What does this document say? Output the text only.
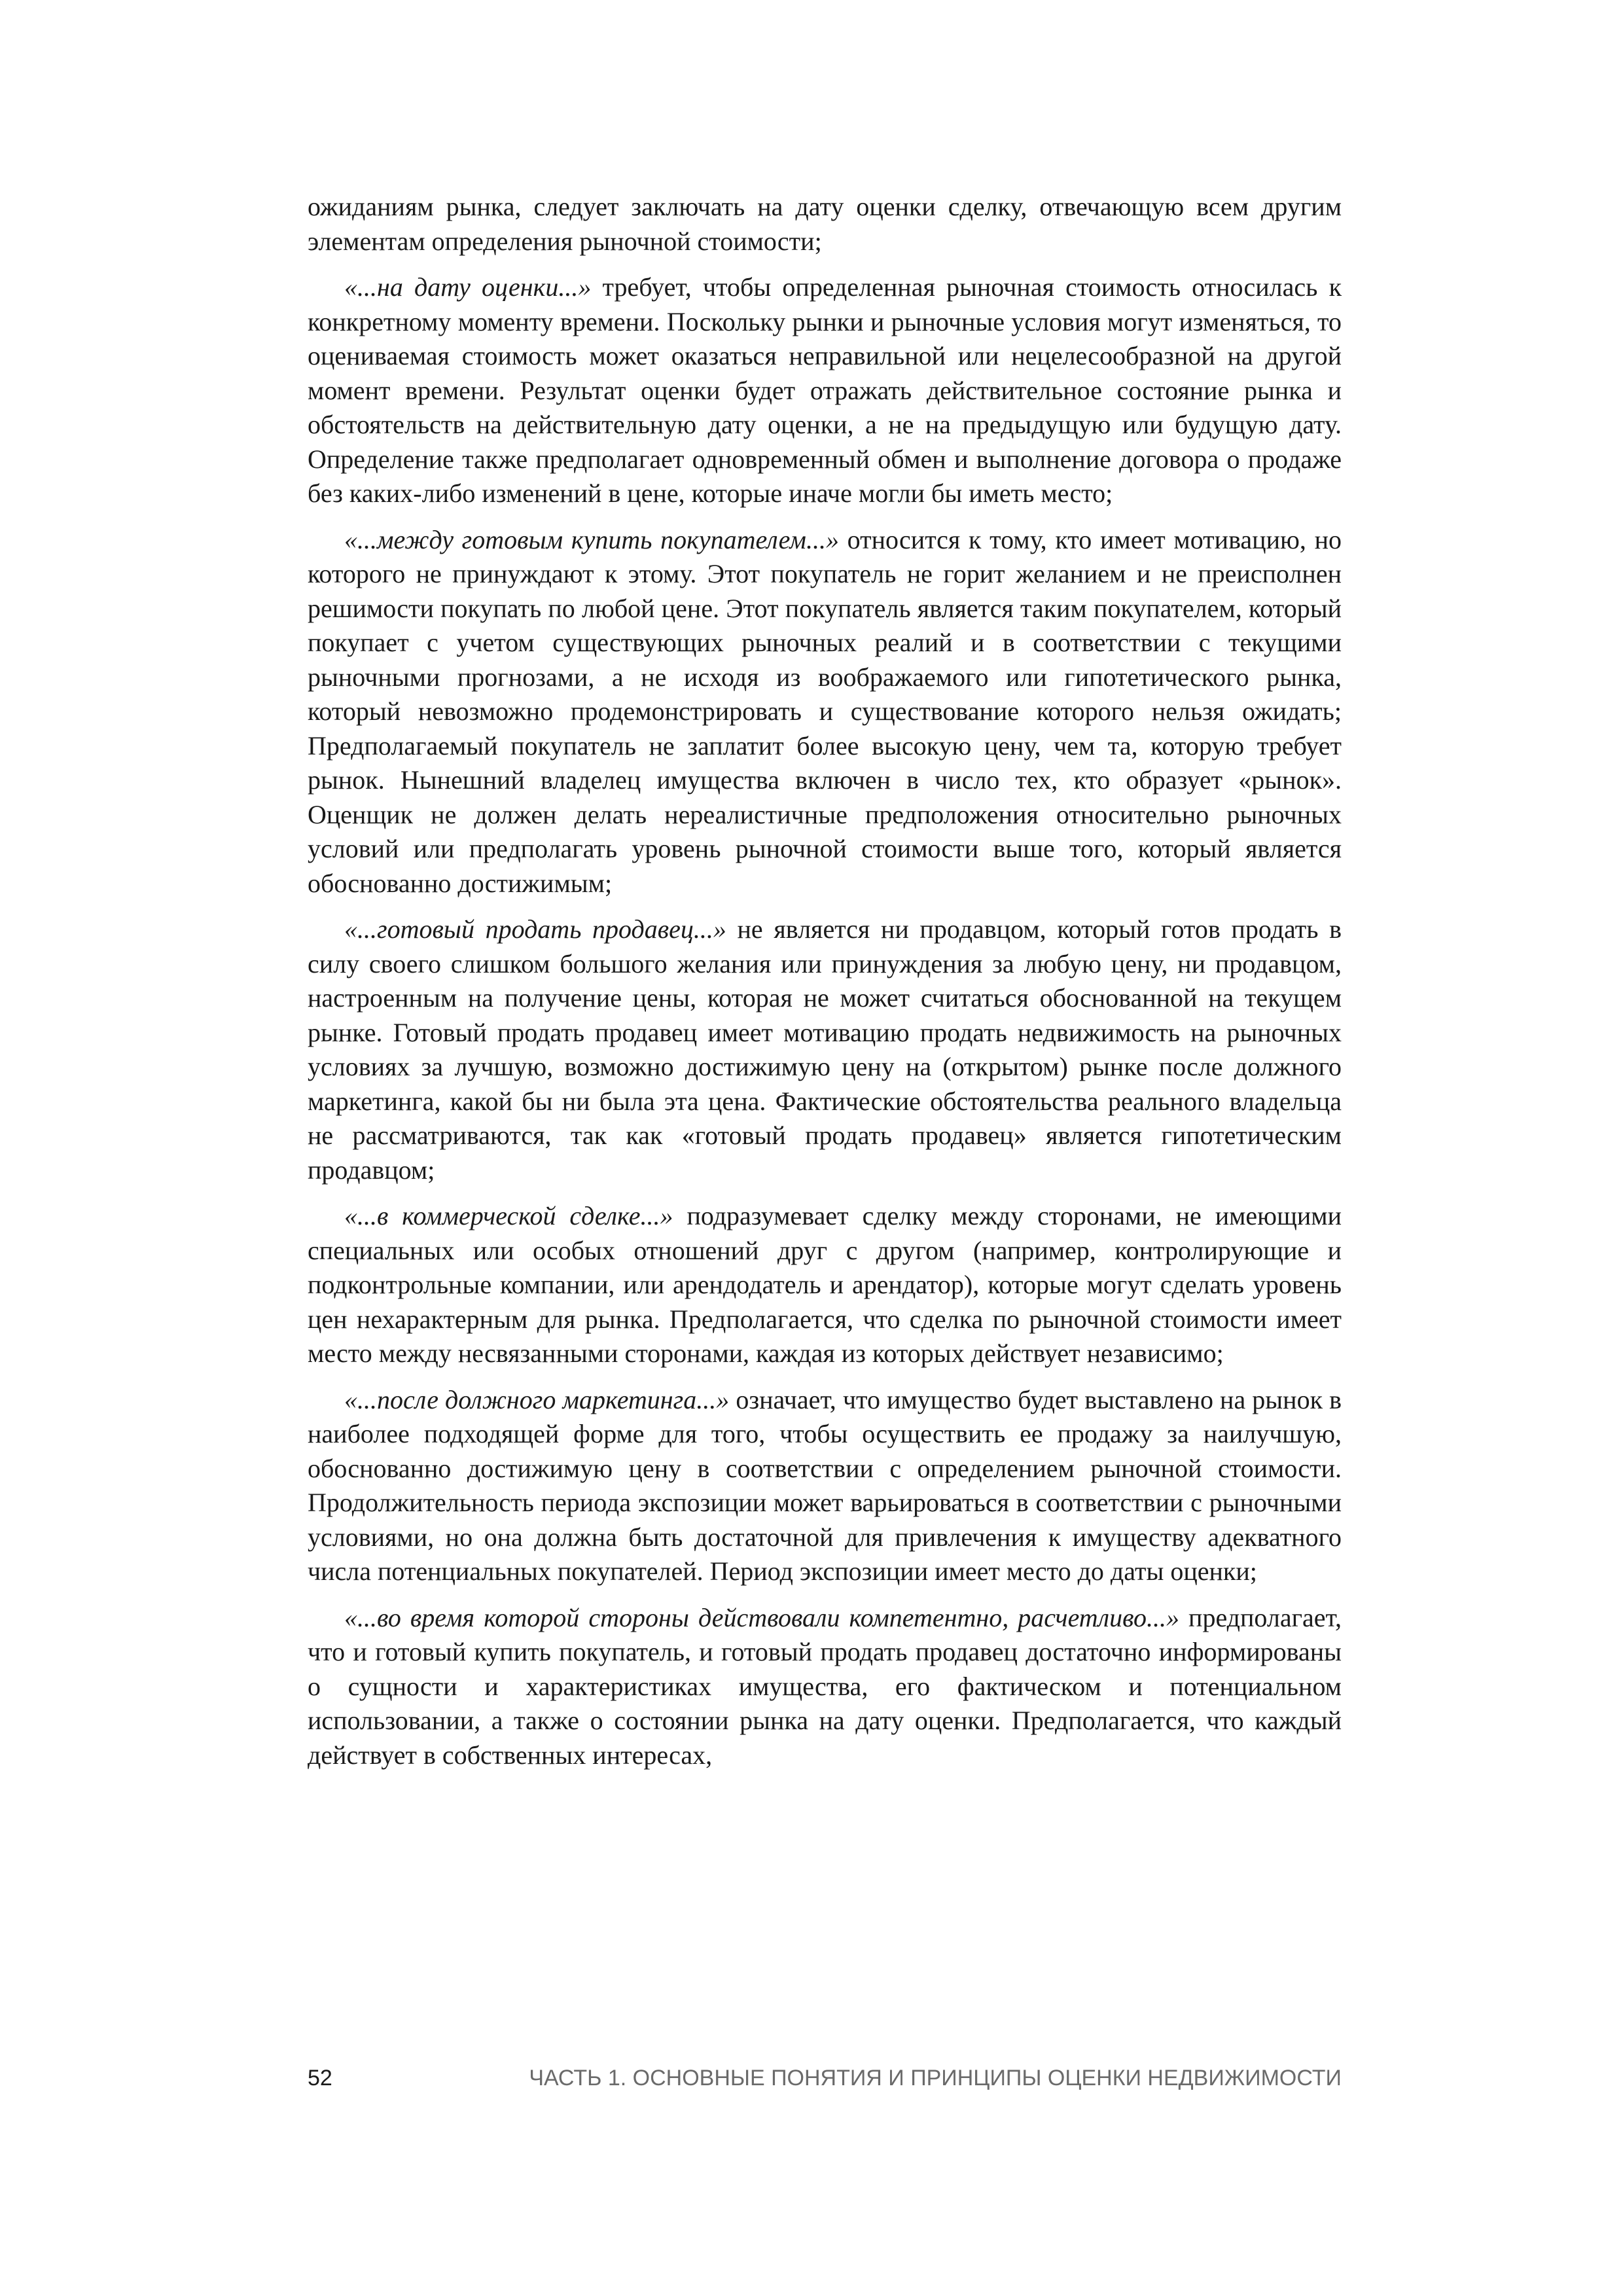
ожиданиям рынка, следует заключать на дату оценки сделку, отвечающую всем другим элементам определения рыночной стоимости;

«...на дату оценки...» требует, чтобы определенная рыночная стоимость относилась к конкретному моменту времени. Поскольку рынки и рыночные условия могут изменяться, то оцениваемая стоимость может оказаться неправильной или нецелесообразной на другой момент времени. Результат оценки будет отражать действительное состояние рынка и обстоятельств на действительную дату оценки, а не на предыдущую или будущую дату. Определение также предполагает одновременный обмен и выполнение договора о продаже без каких-либо изменений в цене, которые иначе могли бы иметь место;

«...между готовым купить покупателем...» относится к тому, кто имеет мотивацию, но которого не принуждают к этому. Этот покупатель не горит желанием и не преисполнен решимости покупать по любой цене. Этот покупатель является таким покупателем, который покупает с учетом существующих рыночных реалий и в соответствии с текущими рыночными прогнозами, а не исходя из воображаемого или гипотетического рынка, который невозможно продемонстрировать и существование которого нельзя ожидать; Предполагаемый покупатель не заплатит более высокую цену, чем та, которую требует рынок. Нынешний владелец имущества включен в число тех, кто образует «рынок». Оценщик не должен делать нереалистичные предположения относительно рыночных условий или предполагать уровень рыночной стоимости выше того, который является обоснованно достижимым;

«...готовый продать продавец...» не является ни продавцом, который готов продать в силу своего слишком большого желания или принуждения за любую цену, ни продавцом, настроенным на получение цены, которая не может считаться обоснованной на текущем рынке. Готовый продать продавец имеет мотивацию продать недвижимость на рыночных условиях за лучшую, возможно достижимую цену на (открытом) рынке после должного маркетинга, какой бы ни была эта цена. Фактические обстоятельства реального владельца не рассматриваются, так как «готовый продать продавец» является гипотетическим продавцом;

«...в коммерческой сделке...» подразумевает сделку между сторонами, не имеющими специальных или особых отношений друг с другом (например, контролирующие и подконтрольные компании, или арендодатель и арендатор), которые могут сделать уровень цен нехарактерным для рынка. Предполагается, что сделка по рыночной стоимости имеет место между несвязанными сторонами, каждая из которых действует независимо;

«...после должного маркетинга...» означает, что имущество будет выставлено на рынок в наиболее подходящей форме для того, чтобы осуществить ее продажу за наилучшую, обоснованно достижимую цену в соответствии с определением рыночной стоимости. Продолжительность периода экспозиции может варьироваться в соответствии с рыночными условиями, но она должна быть достаточной для привлечения к имуществу адекватного числа потенциальных покупателей. Период экспозиции имеет место до даты оценки;

«...во время которой стороны действовали компетентно, расчетливо...» предполагает, что и готовый купить покупатель, и готовый продать продавец достаточно информированы о сущности и характеристиках имущества, его фактическом и потенциальном использовании, а также о состоянии рынка на дату оценки. Предполагается, что каждый действует в собственных интересах,

52	ЧАСТЬ 1. ОСНОВНЫЕ ПОНЯТИЯ И ПРИНЦИПЫ ОЦЕНКИ НЕДВИЖИМОСТИ
